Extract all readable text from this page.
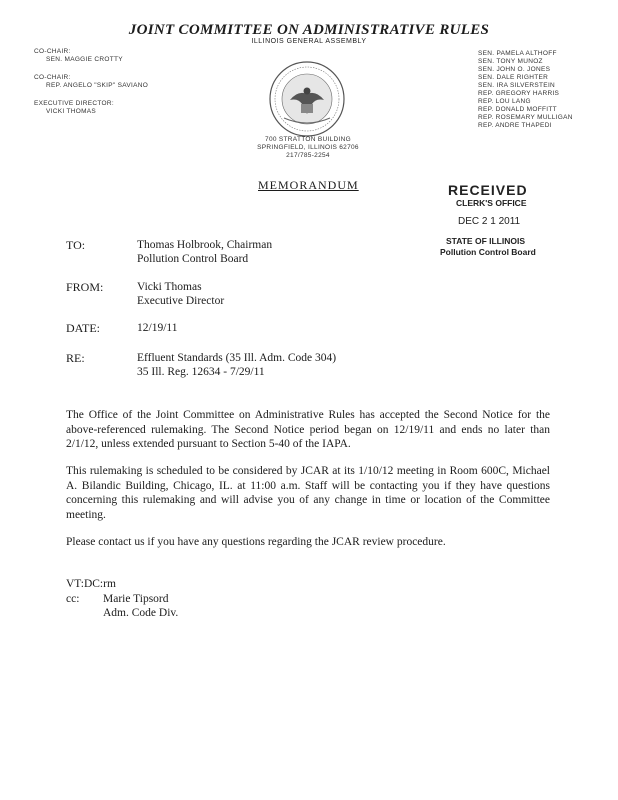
JOINT COMMITTEE ON ADMINISTRATIVE RULES
ILLINOIS GENERAL ASSEMBLY
CO-CHAIR:
SEN. MAGGIE CROTTY
CO-CHAIR:
REP. ANGELO "SKIP" SAVIANO
EXECUTIVE DIRECTOR:
VICKI THOMAS
SEN. PAMELA ALTHOFF
SEN. TONY MUNOZ
SEN. JOHN O. JONES
SEN. DALE RIGHTER
SEN. IRA SILVERSTEIN
REP. GREGORY HARRIS
REP. LOU LANG
REP. DONALD MOFFITT
REP. ROSEMARY MULLIGAN
REP. ANDRE THAPEDI
700 STRATTON BUILDING
SPRINGFIELD, ILLINOIS 62706
217/785-2254
MEMORANDUM	RECEIVED
CLERK'S OFFICE
DEC 2 1 2011
STATE OF ILLINOIS
Pollution Control Board
TO:	Thomas Holbrook, Chairman
Pollution Control Board
FROM:	Vicki Thomas
Executive Director
DATE:	12/19/11
RE:	Effluent Standards (35 Ill. Adm. Code 304)
35 Ill. Reg. 12634 - 7/29/11
The Office of the Joint Committee on Administrative Rules has accepted the Second Notice for the above-referenced rulemaking. The Second Notice period began on 12/19/11 and ends no later than 2/1/12, unless extended pursuant to Section 5-40 of the IAPA.
This rulemaking is scheduled to be considered by JCAR at its 1/10/12 meeting in Room 600C, Michael A. Bilandic Building, Chicago, IL. at 11:00 a.m. Staff will be contacting you if they have questions concerning this rulemaking and will advise you of any change in time or location of the Committee meeting.
Please contact us if you have any questions regarding the JCAR review procedure.
VT:DC:rm
cc: Marie Tipsord
Adm. Code Div.
